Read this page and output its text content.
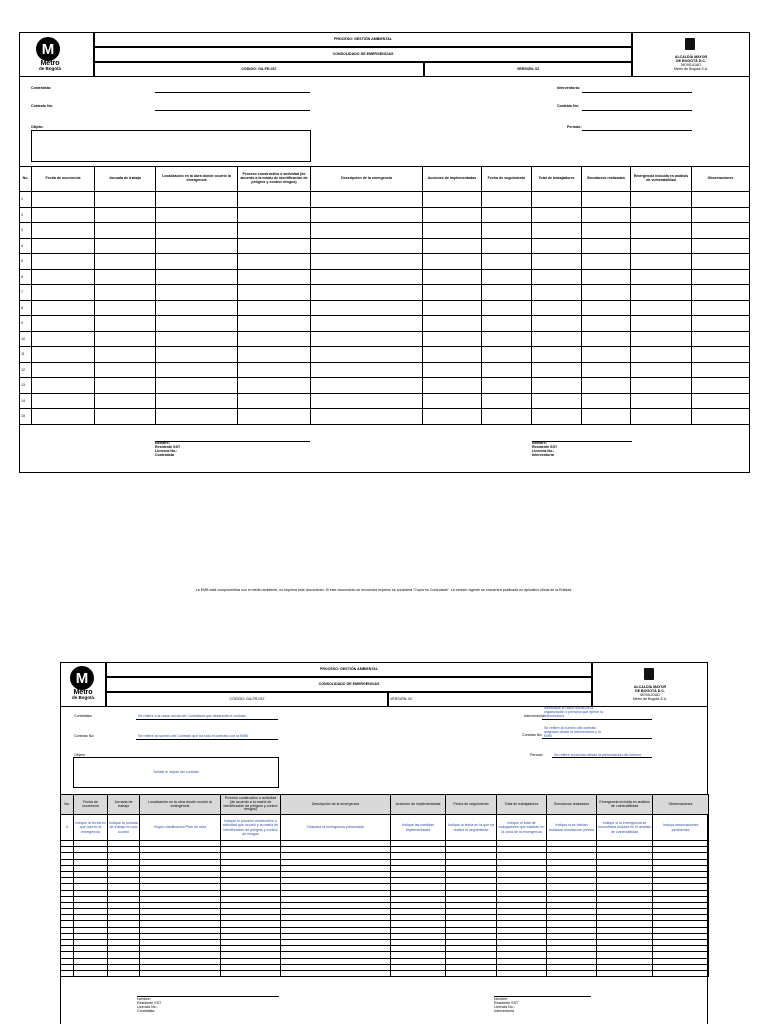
M
Metro
de Bogotá
PROCESO: GESTIÓN AMBIENTAL
CONSOLIDADO DE EMERGENCIAS
CÓDIGO: GA-FR-037	VERSIÓN: 02
ALCALDÍA MAYOR
DE BOGOTÁ D.C.
MOVILIDAD
Metro de Bogotá S.A.
Contratista:
Contrato No:
Objeto:
Interventoría:
Contrato No:
Periodo:
No.	Fecha de ocurrencia	Jornada de trabajo	Localización en la obra donde ocurrió la emergencia	Proceso constructivo o actividad (de acuerdo a la matriz de identificación de peligros y control riesgos)	Descripción de la emergencia	Acciones de implementadas	Fecha de seguimiento	Total de trabajadores	Simulacros realizados	Emergencia incluida en análisis de vulnerabilidad	Observaciones
1											
2											
3											
4											
5											
6											
7											
8											
9											
10											
11											
12											
13											
14											
15											
Nombre:
Residente SST
Licencia No.:
Contratista
Nombre:
Residente SST
Licencia No.:
Interventoría
La EMB está comprometida con el medio ambiente, no imprima este documento. Si este documento se encuentra impreso se considera "Copia no Controlada". La versión vigente se encuentra publicada en aplicativo oficial de la Entidad.
M
Metro
de Bogotá
PROCESO: GESTIÓN AMBIENTAL
CONSOLIDADO DE EMERGENCIAS
CÓDIGO: GA-FR-037	VERSIÓN: 02
ALCALDÍA MAYOR
DE BOGOTÁ D.C.
MOVILIDAD
Metro de Bogotá S.A.
Contratista:	Se refiere a la razón social del Contratista que desarrolla el contrato
Contrato No:	Se refiere al número del Contrato que ha sido el contrato con la EMB
Objeto:
Señale el objeto del contrato
Interventoría:
Identifique la razón social de la organización o persona que ejerce la interventoría
Contrato No:
Se refiere al número del contrato asignado desde la interventoría y la EMB
Periodo:	Se refiere al periodo desde la presentación del informe
No.	Fecha de ocurrencia	Jornada de trabajo	Localización en la obra donde ocurrió la emergencia	Proceso constructivo o actividad (de acuerdo a la matriz de identificación de peligros y control riesgos)	Descripción de la emergencia	Acciones de implementadas	Fecha de seguimiento	Total de trabajadores	Simulacros realizados	Emergencia incluida en análisis de vulnerabilidad	Observaciones
1	Indique la fecha en que ocurrió la emergencia	Indique la jornada de trabajo en que ocurrió	Según clasificación Plan de obra	Indique el proceso constructivo o actividad que ocurrió y la matriz de identificación de peligros y control de riesgos	Describa la emergencia presentada	Indique las medidas implementadas	Indique la fecha en la que se realizó el seguimiento	Indique el total de trabajadores que estaban en la zona de la emergencia	Indique si se habían realizado simulacros previos	Indique si la emergencia se encontraba incluida en el análisis de vulnerabilidad	Incluya observaciones pertinentes

Nombre:
Residente SST
Licencia No.:
Contratista
Nombre:
Residente SST
Licencia No.:
Interventoría
